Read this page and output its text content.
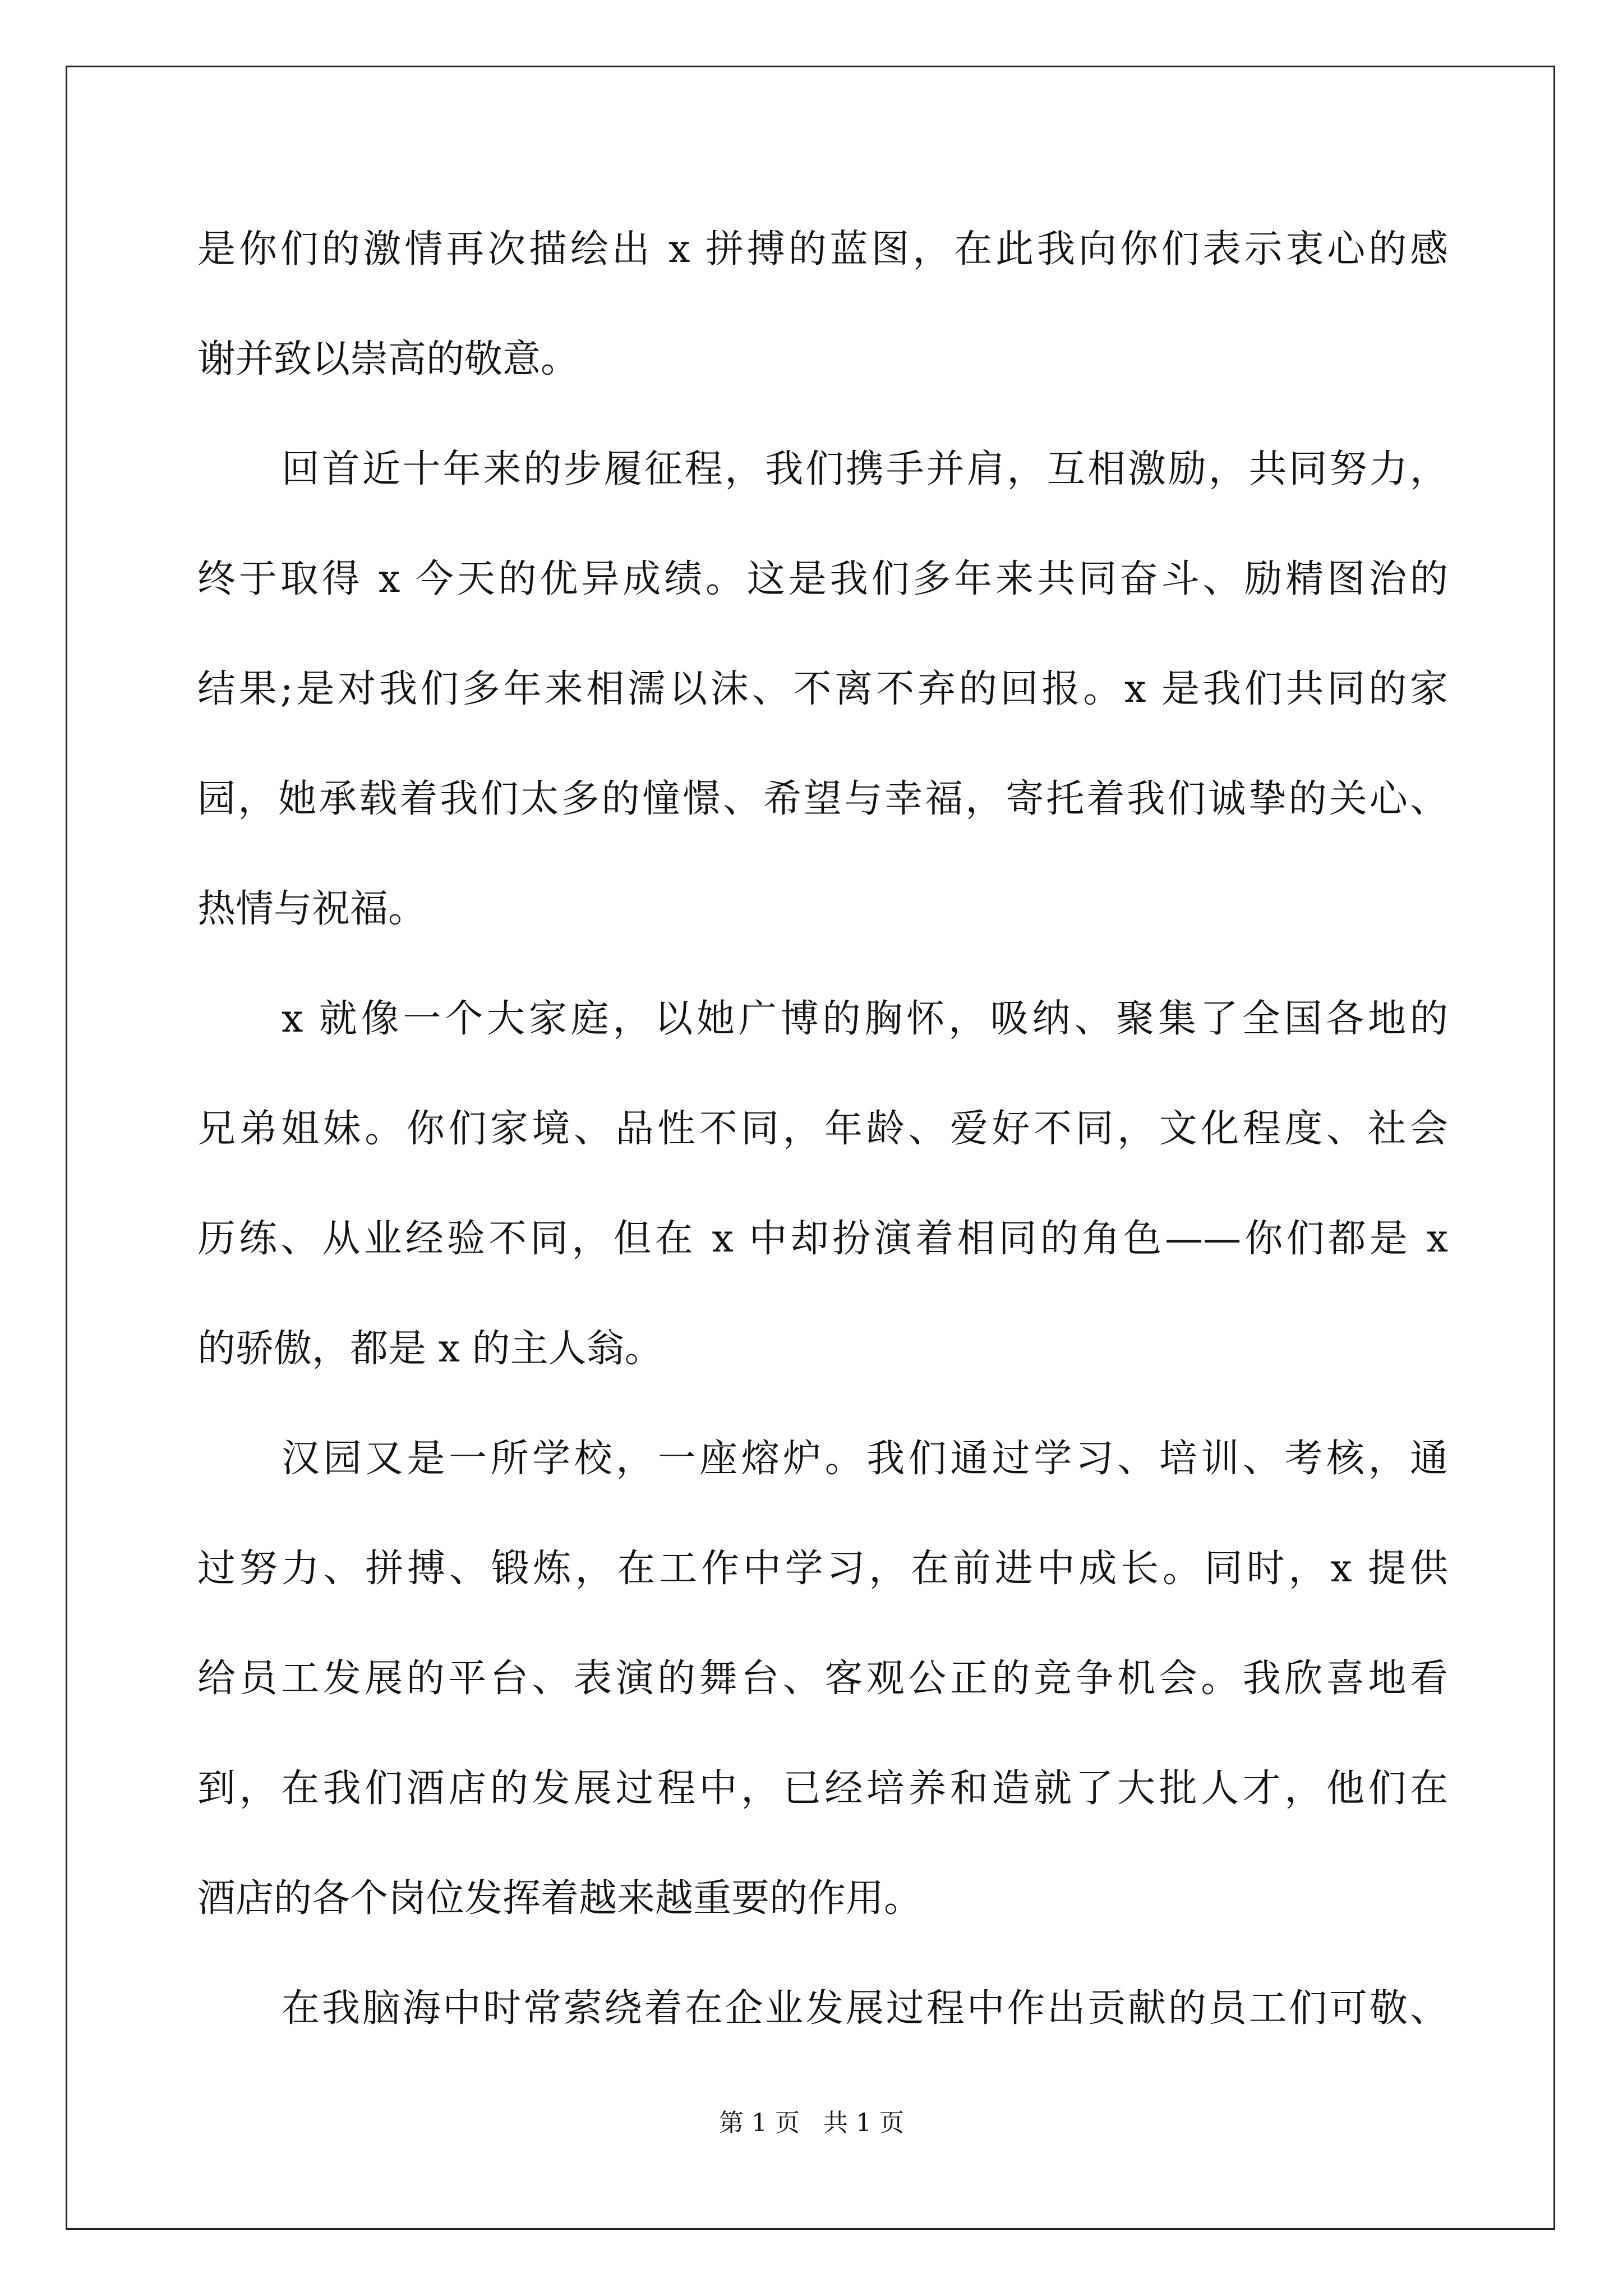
是你们的激情再次描绘出 x 拼搏的蓝图，在此我向你们表示衷心的感
谢并致以崇高的敬意。
回首近十年来的步履征程，我们携手并肩，互相激励，共同努力，
终于取得 x 今天的优异成绩。这是我们多年来共同奋斗、励精图治的
结果;是对我们多年来相濡以沫、不离不弃的回报。x 是我们共同的家
园，她承载着我们太多的憧憬、希望与幸福，寄托着我们诚挚的关心、
热情与祝福。
x 就像一个大家庭，以她广博的胸怀，吸纳、聚集了全国各地的
兄弟姐妹。你们家境、品性不同，年龄、爱好不同，文化程度、社会
历练、从业经验不同，但在 x 中却扮演着相同的角色——你们都是 x
的骄傲，都是 x 的主人翁。
汉园又是一所学校，一座熔炉。我们通过学习、培训、考核，通
过努力、拼搏、锻炼，在工作中学习，在前进中成长。同时，x 提供
给员工发展的平台、表演的舞台、客观公正的竞争机会。我欣喜地看
到，在我们酒店的发展过程中，已经培养和造就了大批人才，他们在
酒店的各个岗位发挥着越来越重要的作用。
在我脑海中时常萦绕着在企业发展过程中作出贡献的员工们可敬、
第 1 页   共 1 页
